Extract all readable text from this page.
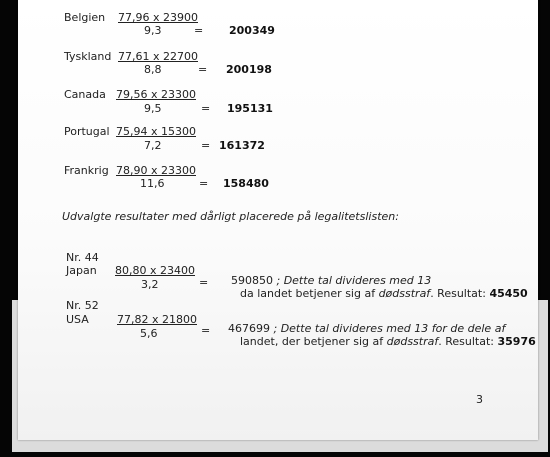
Belgien 77,96 x 23900
9,3	= 200349
Tyskland 77,61 x 22700
8,8	= 200198
Canada 79,56 x 23300
9,5	= 195131
Portugal 75,94 x 15300
7,2	= 161372
Frankrig 78,90 x 23300
11,6	= 158480
Udvalgte resultater med dårligt placerede på legalitetslisten:
Nr. 44
Japan 80,80 x 23400
3,2	= 590850 ; Dette tal divideres med 13
da landet betjener sig af dødsstraf. Resultat: 45450
Nr. 52
USA	77,82 x 21800
5,6	= 467699 ; Dette tal divideres med 13 for de dele af
landet, der betjener sig af dødsstraf. Resultat: 35976
3
